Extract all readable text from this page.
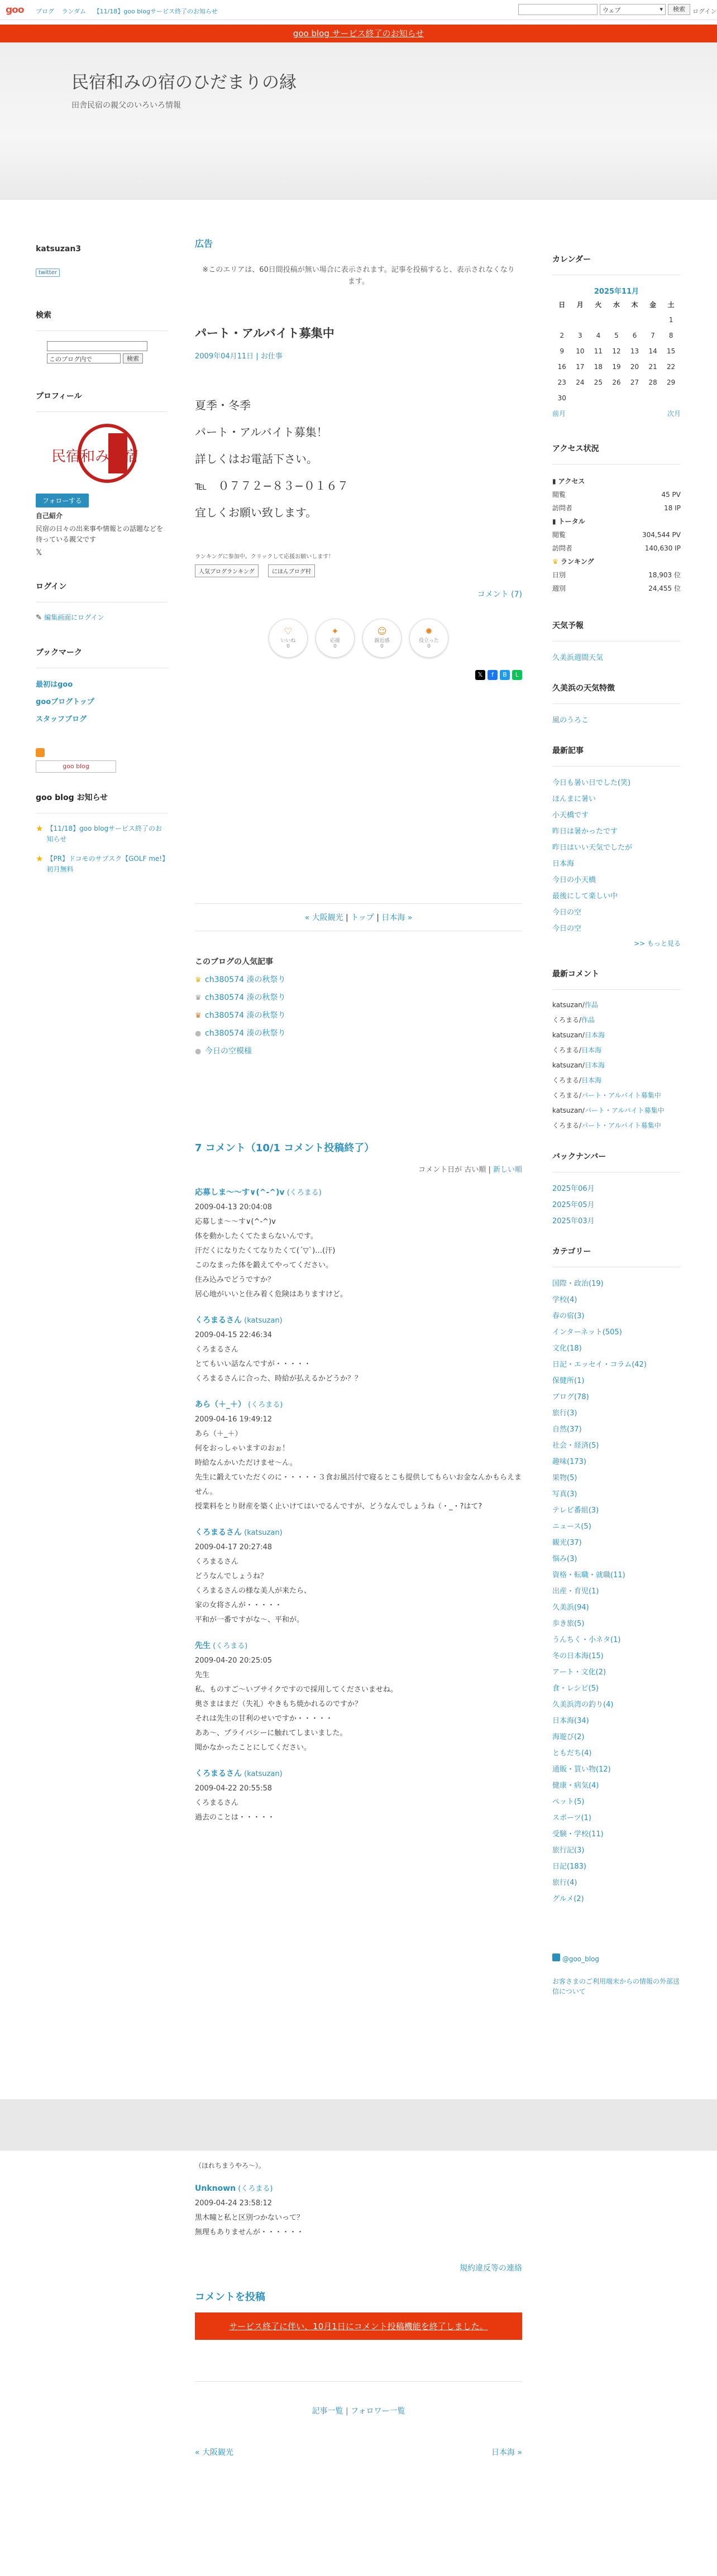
goo ブログ ランダム 【11/18】goo blogサービス終了のお知らせ	ウェブ ▾	検索	ログイン
goo blog サービス終了のお知らせ
民宿和みの宿のひだまりの縁
田舎民宿の親父のいろいろ情報
katsuzan3
twitter
検索
このブログ内で	検索
プロフィール
民宿和みの宿
フォローする
自己紹介
民宿の日々の出来事や情報との話題などを待っている親父です
𝕏
ログイン
✎ 編集画面にログイン
ブックマーク
最初はgoo
gooブログトップ
スタッフブログ
goo blog
goo blog お知らせ
★ 【11/18】goo blogサービス終了のお知らせ
★ 【PR】ドコモのサブスク【GOLF me!】初月無料
広告
※このエリアは、60日間投稿が無い場合に表示されます。記事を投稿すると、表示されなくなります。
パート・アルバイト募集中
2009年04月11日 | お仕事
夏季・冬季
パート・アルバイト募集！
詳しくはお電話下さい。
℡　０７７２−８３−０１６７
宜しくお願い致します。
ランキングに参加中。クリックして応援お願いします！
人気ブログランキング	にほんブログ村
コメント (7)
♡
いいね
0
✦
応援
0
☺
親近感
0
✹
役立った
0
𝕏 f B L
« 大阪観光 | トップ | 日本海 »
このブログの人気記事
♛ ch380574 湊の秋祭り
♛ ch380574 湊の秋祭り
♛ ch380574 湊の秋祭り
● ch380574 湊の秋祭り
● 今日の空模様
7 コメント（10/1 コメント投稿終了）
コメント日が 古い順 | 新しい順
応募しま〜〜す∨(^-^)v (くろまる)
2009-04-13 20:04:08
応募しま〜〜す∨(^-^)v
体を動かしたくてたまらないんです。
汗だくになりたくてなりたくて(´▽`)…(汗)
このなまった体を鍛えてやってください。
住み込みでどうですか？
居心地がいいと住み着く危険はありますけど。
くろまるさん (katsuzan)
2009-04-15 22:46:34
くろまるさん
とてもいい話なんですが・・・・・
くろまるさんに合った、時給が払えるかどうか？？
あら（＋_＋） (くろまる)
2009-04-16 19:49:12
あら（＋_＋）
何をおっしゃいますのおぉ！
時給なんかいただけませ〜ん。
先生に鍛えていただくのに・・・・・３食お風呂付で寝るとこも提供してもらいお金なんかもらえません。
授業料をとり財産を築く止いけてはいでるんですが、どうなんでしょうね（・_・?はて?
くろまるさん (katsuzan)
2009-04-17 20:27:48
くろまるさん
どうなんでしょうね？
くろまるさんの様な美人が来たら、
家の女将さんが・・・・・
平和が一番ですがな〜、平和が。
先生 (くろまる)
2009-04-20 20:25:05
先生
私、ものすご〜いブサイクですので採用してくださいませね。
奥さまはまだ（失礼）やきもち焼かれるのですか？
それは先生の甘利のせいですか・・・・・
ああ〜、プライバシーに触れてしまいました。
聞かなかったことにしてください。
くろまるさん (katsuzan)
2009-04-22 20:55:58
くろまるさん
過去のことは・・・・・
（ほれちまうやろ〜）。
Unknown (くろまる)
2009-04-24 23:58:12
黒木瞳と私と区別つかないって？
無理もありませんが・・・・・・
規約違反等の連絡
コメントを投稿
サービス終了に伴い、10月1日にコメント投稿機能を終了しました。
記事一覧 | フォロワー一覧
« 大阪観光	日本海 »
カレンダー
2025年11月
日	月	火	水	木	金	土
						1
2	3	4	5	6	7	8
9	10	11	12	13	14	15
16	17	18	19	20	21	22
23	24	25	26	27	28	29
30						
前月	次月
アクセス状況
▮ アクセス
閲覧	45 PV
訪問者	18 IP
▮ トータル
閲覧	304,544 PV
訪問者	140,630 IP
♛ ランキング
日別	18,903 位
週別	24,455 位
天気予報
久美浜週間天気
久美浜の天気特徴
風のうろこ
最新記事
今日も暑い日でした(笑)
ほんまに暑い
小天橋です
昨日は暑かったです
昨日はいい天気でしたが
日本海
今日の小天橋
最後にして楽しい中
今日の空
今日の空
>> もっと見る
最新コメント
katsuzan/作品
くろまる/作品
katsuzan/日本海
くろまる/日本海
katsuzan/日本海
くろまる/日本海
くろまる/パート・アルバイト募集中
katsuzan/パート・アルバイト募集中
くろまる/パート・アルバイト募集中
バックナンバー
2025年06月
2025年05月
2025年03月
カテゴリー
国際・政治(19)
学校(4)
春の宿(3)
インターネット(505)
文化(18)
日記・エッセイ・コラム(42)
保健所(1)
ブログ(78)
旅行(3)
自然(37)
社会・経済(5)
趣味(173)
果物(5)
写真(3)
テレビ番組(3)
ニュース(5)
観光(37)
悩み(3)
資格・転職・就職(11)
出産・育児(1)
久美浜(94)
歩き旅(5)
うんちく・小ネタ(1)
冬の日本海(15)
アート・文化(2)
食・レシピ(5)
久美浜湾の釣り(4)
日本海(34)
海遊び(2)
ともだち(4)
通販・買い物(12)
健康・病気(4)
ペット(5)
スポーツ(1)
受験・学校(11)
旅行記(3)
日記(183)
旅行(4)
グルメ(2)
@goo_blog
お客さまのご利用端末からの情報の外部送信について
